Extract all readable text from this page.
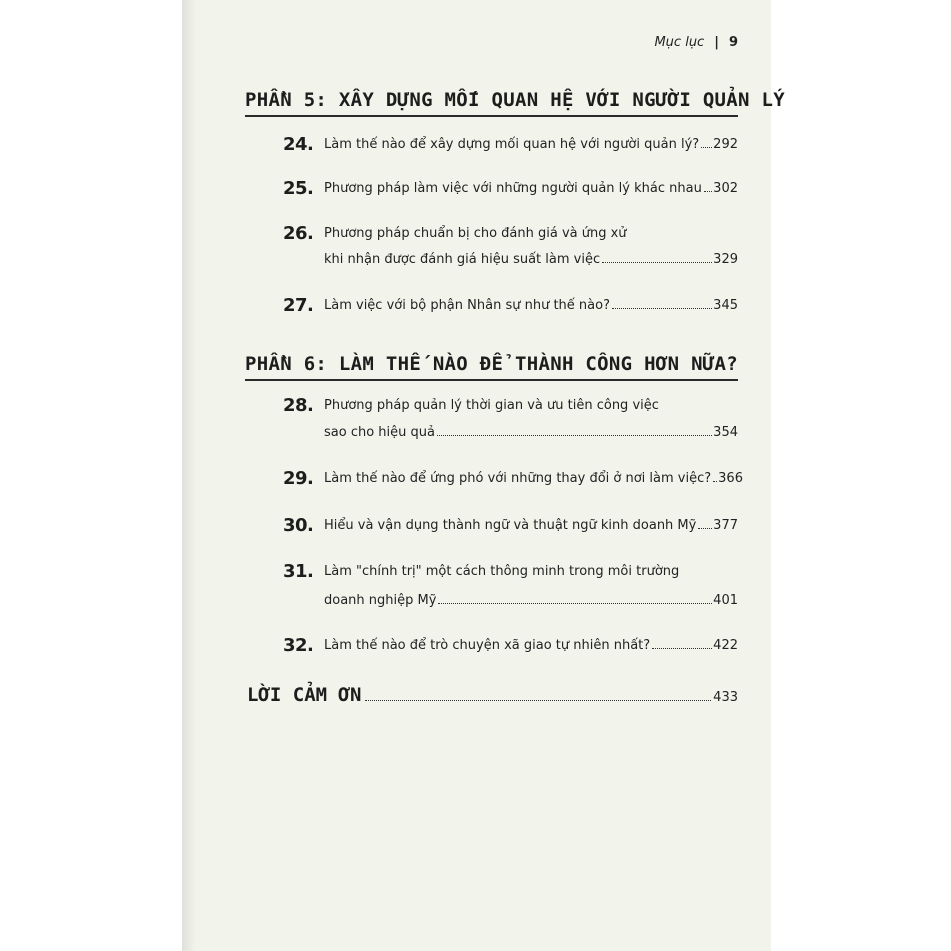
Mục lục | 9
PHẦN 5: XÂY DỰNG MỐI QUAN HỆ VỚI NGƯỜI QUẢN LÝ
24. Làm thế nào để xây dựng mối quan hệ với người quản lý? 292
25. Phương pháp làm việc với những người quản lý khác nhau 302
26. Phương pháp chuẩn bị cho đánh giá và ứng xử
khi nhận được đánh giá hiệu suất làm việc	329
27. Làm việc với bộ phận Nhân sự như thế nào?	345
PHẦN 6: LÀM THẾ NÀO ĐỂ THÀNH CÔNG HƠN NỮA?
28. Phương pháp quản lý thời gian và ưu tiên công việc
sao cho hiệu quả	354
29. Làm thế nào để ứng phó với những thay đổi ở nơi làm việc? 366
30. Hiểu và vận dụng thành ngữ và thuật ngữ kinh doanh Mỹ 377
31. Làm "chính trị" một cách thông minh trong môi trường
doanh nghiệp Mỹ	401
32. Làm thế nào để trò chuyện xã giao tự nhiên nhất?	422
LỜI CẢM ƠN	433
